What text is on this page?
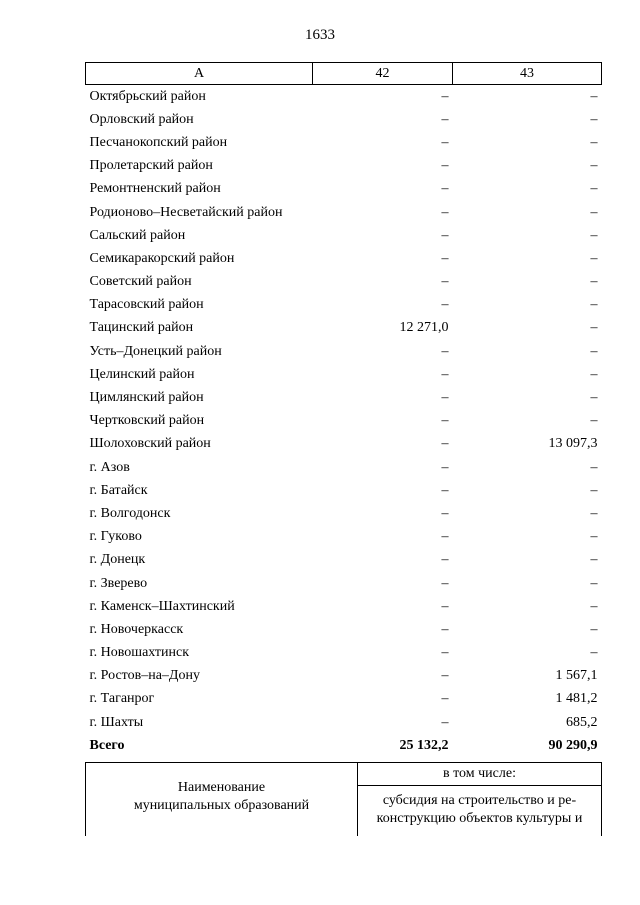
1633
А	42	43
Октябрьский район	–	–
Орловский район	–	–
Песчанокопский район	–	–
Пролетарский район	–	–
Ремонтненский район	–	–
Родионово–Несветайский район	–	–
Сальский район	–	–
Семикаракорский район	–	–
Советский район	–	–
Тарасовский район	–	–
Тацинский район	12 271,0	–
Усть–Донецкий район	–	–
Целинский район	–	–
Цимлянский район	–	–
Чертковский район	–	–
Шолоховский район	–	13 097,3
г. Азов	–	–
г. Батайск	–	–
г. Волгодонск	–	–
г. Гуково	–	–
г. Донецк	–	–
г. Зверево	–	–
г. Каменск–Шахтинский	–	–
г. Новочеркасск	–	–
г. Новошахтинск	–	–
г. Ростов–на–Дону	–	1 567,1
г. Таганрог	–	1 481,2
г. Шахты	–	685,2
Всего	25 132,2	90 290,9
Наименование
муниципальных образований
	в том числе:

субсидия на строительство и ре-
конструкцию объектов культуры и
